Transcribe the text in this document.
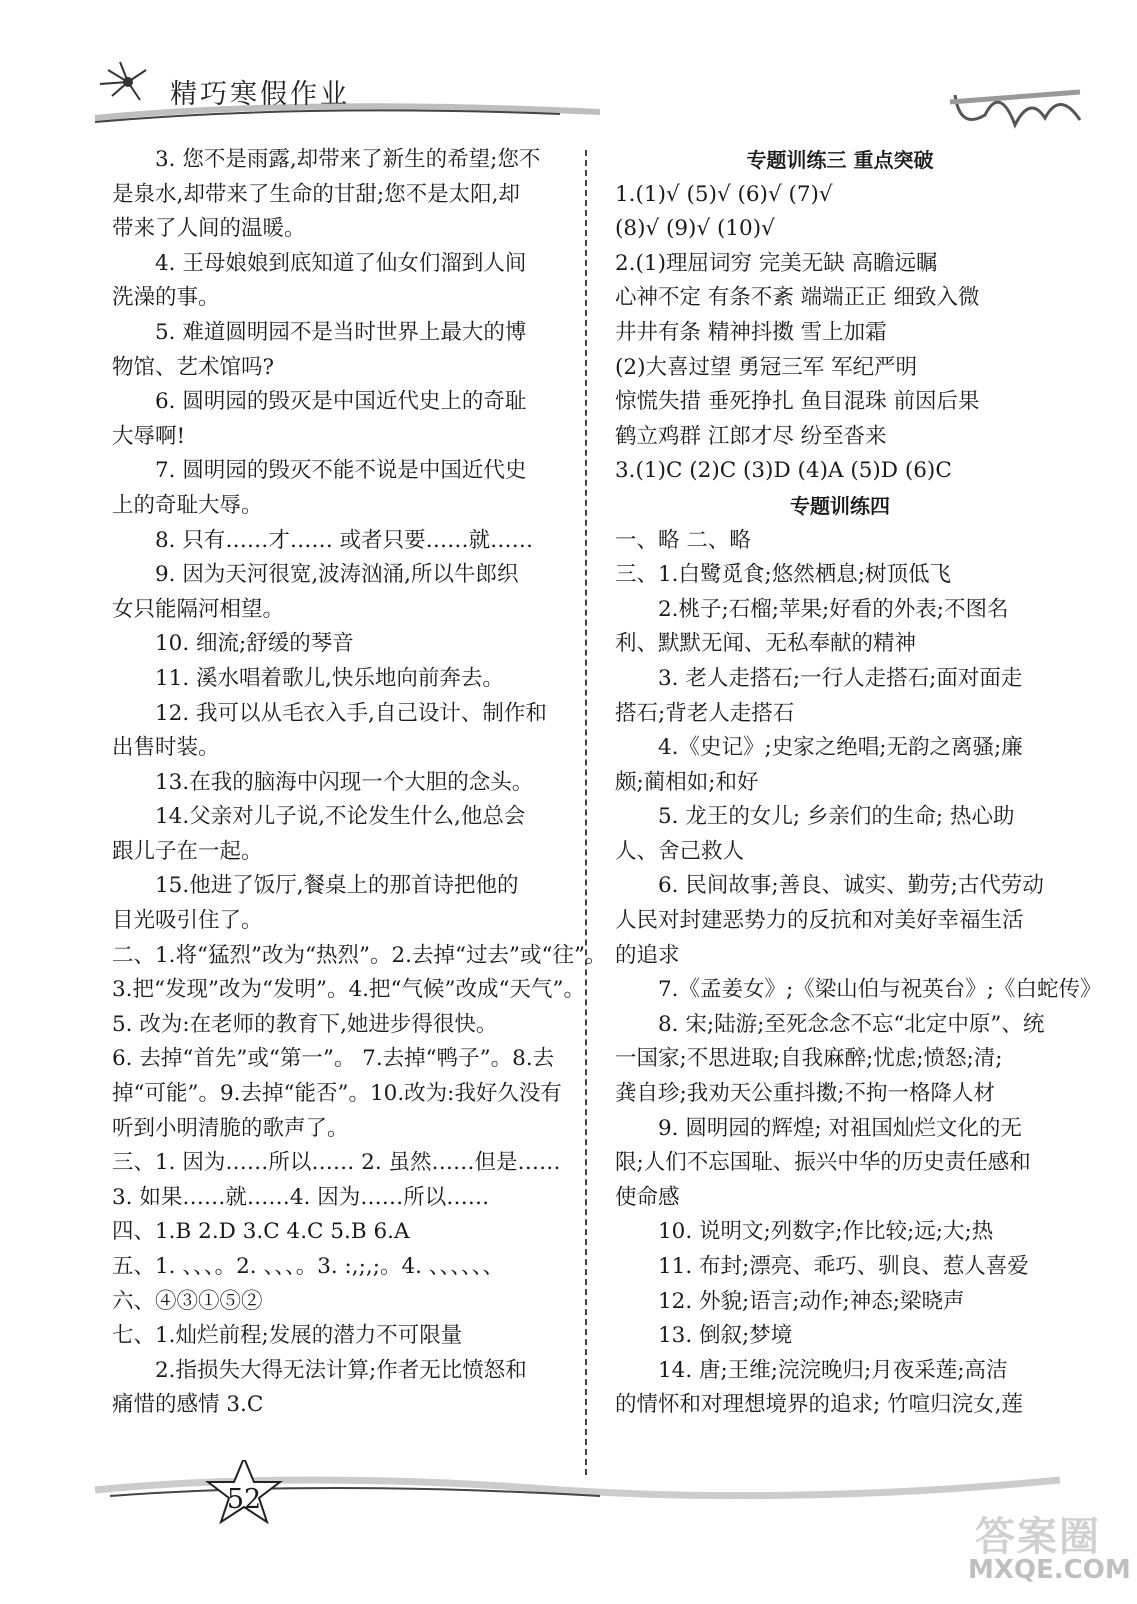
精巧寒假作业
3. 您不是雨露,却带来了新生的希望;您不
是泉水,却带来了生命的甘甜;您不是太阳,却
带来了人间的温暖。
4. 王母娘娘到底知道了仙女们溜到人间
洗澡的事。
5. 难道圆明园不是当时世界上最大的博
物馆、艺术馆吗?
6. 圆明园的毁灭是中国近代史上的奇耻
大辱啊!
7. 圆明园的毁灭不能不说是中国近代史
上的奇耻大辱。
8. 只有……才…… 或者只要……就……
9. 因为天河很宽,波涛汹涌,所以牛郎织
女只能隔河相望。
10. 细流;舒缓的琴音
11. 溪水唱着歌儿,快乐地向前奔去。
12. 我可以从毛衣入手,自己设计、制作和
出售时装。
13.在我的脑海中闪现一个大胆的念头。
14.父亲对儿子说,不论发生什么,他总会
跟儿子在一起。
15.他进了饭厅,餐桌上的那首诗把他的
目光吸引住了。
二、1.将“猛烈”改为“热烈”。2.去掉“过去”或“往”。
3.把“发现”改为“发明”。4.把“气候”改成“天气”。
5. 改为:在老师的教育下,她进步得很快。
6. 去掉“首先”或“第一”。 7.去掉“鸭子”。8.去
掉“可能”。9.去掉“能否”。10.改为:我好久没有
听到小明清脆的歌声了。
三、1. 因为……所以…… 2. 虽然……但是……
3. 如果……就……4. 因为……所以……
四、1.B 2.D 3.C 4.C 5.B 6.A
五、1. 、、、。2. 、、、。3. :,;,;。4. 、、、、、、
六、④③①⑤②
七、1.灿烂前程;发展的潜力不可限量
2.指损失大得无法计算;作者无比愤怒和
痛惜的感情 3.C
专题训练三 重点突破
1.(1)√ (5)√ (6)√ (7)√
(8)√ (9)√ (10)√
2.(1)理屈词穷 完美无缺 高瞻远瞩
心神不定 有条不紊 端端正正 细致入微
井井有条 精神抖擞 雪上加霜
(2)大喜过望 勇冠三军 军纪严明
惊慌失措 垂死挣扎 鱼目混珠 前因后果
鹤立鸡群 江郎才尽 纷至沓来
3.(1)C (2)C (3)D (4)A (5)D (6)C
专题训练四
一、略 二、略
三、1.白鹭觅食;悠然栖息;树顶低飞
2.桃子;石榴;苹果;好看的外表;不图名
利、默默无闻、无私奉献的精神
3. 老人走搭石;一行人走搭石;面对面走
搭石;背老人走搭石
4.《史记》;史家之绝唱;无韵之离骚;廉
颇;蔺相如;和好
5. 龙王的女儿; 乡亲们的生命; 热心助
人、舍己救人
6. 民间故事;善良、诚实、勤劳;古代劳动
人民对封建恶势力的反抗和对美好幸福生活
的追求
7.《孟姜女》;《梁山伯与祝英台》;《白蛇传》
8. 宋;陆游;至死念念不忘“北定中原”、统
一国家;不思进取;自我麻醉;忧虑;愤怒;清;
龚自珍;我劝天公重抖擞;不拘一格降人材
9. 圆明园的辉煌; 对祖国灿烂文化的无
限;人们不忘国耻、振兴中华的历史责任感和
使命感
10. 说明文;列数字;作比较;远;大;热
11. 布封;漂亮、乖巧、驯良、惹人喜爱
12. 外貌;语言;动作;神态;梁晓声
13. 倒叙;梦境
14. 唐;王维;浣浣晚归;月夜采莲;高洁
的情怀和对理想境界的追求; 竹喧归浣女,莲
52
答案圈
MXQE.COM
